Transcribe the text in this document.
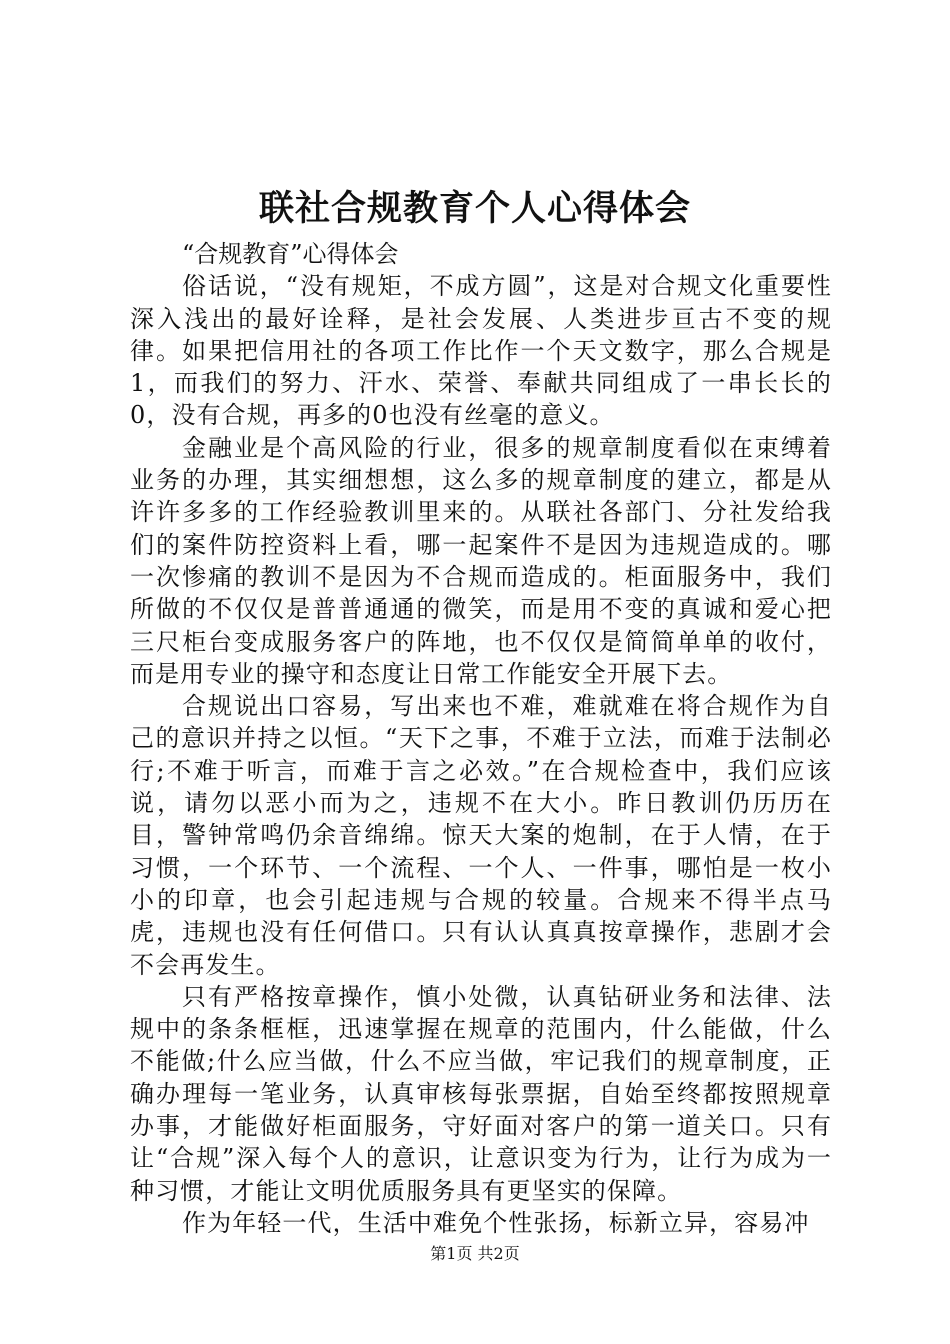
联社合规教育个人心得体会

“合规教育”心得体会

俗话说，“没有规矩，不成方圆”，这是对合规文化重要性深入浅出的最好诠释，是社会发展、人类进步亘古不变的规律。如果把信用社的各项工作比作一个天文数字，那么合规是1，而我们的努力、汗水、荣誉、奉献共同组成了一串长长的0，没有合规，再多的0也没有丝毫的意义。

金融业是个高风险的行业，很多的规章制度看似在束缚着业务的办理，其实细想想，这么多的规章制度的建立，都是从许许多多的工作经验教训里来的。从联社各部门、分社发给我们的案件防控资料上看，哪一起案件不是因为违规造成的。哪一次惨痛的教训不是因为不合规而造成的。柜面服务中，我们所做的不仅仅是普普通通的微笑，而是用不变的真诚和爱心把三尺柜台变成服务客户的阵地，也不仅仅是简简单单的收付，而是用专业的操守和态度让日常工作能安全开展下去。

合规说出口容易，写出来也不难，难就难在将合规作为自己的意识并持之以恒。“天下之事，不难于立法，而难于法制必行;不难于听言，而难于言之必效。”在合规检查中，我们应该说，请勿以恶小而为之，违规不在大小。昨日教训仍历历在目，警钟常鸣仍余音绵绵。惊天大案的炮制，在于人情，在于习惯，一个环节、一个流程、一个人、一件事，哪怕是一枚小小的印章，也会引起违规与合规的较量。合规来不得半点马虎，违规也没有任何借口。只有认认真真按章操作，悲剧才会不会再发生。

只有严格按章操作，慎小处微，认真钻研业务和法律、法规中的条条框框，迅速掌握在规章的范围内，什么能做，什么不能做;什么应当做，什么不应当做，牢记我们的规章制度，正确办理每一笔业务，认真审核每张票据，自始至终都按照规章办事，才能做好柜面服务，守好面对客户的第一道关口。只有让“合规”深入每个人的意识，让意识变为行为，让行为成为一种习惯，才能让文明优质服务具有更坚实的保障。

作为年轻一代，生活中难免个性张扬，标新立异，容易冲

第1页 共2页
